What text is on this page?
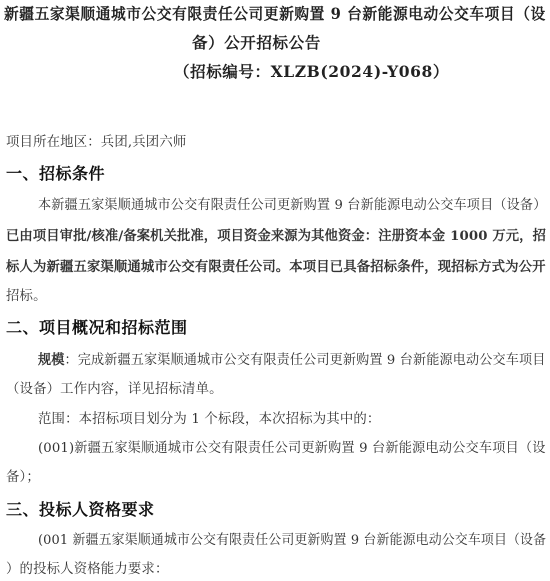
新疆五家渠顺通城市公交有限责任公司更新购置 9 台新能源电动公交车项目（设
备）公开招标公告
（招标编号：XLZB(2024)-Y068）
项目所在地区：兵团,兵团六师
一、招标条件
本新疆五家渠顺通城市公交有限责任公司更新购置 9 台新能源电动公交车项目（设备）
已由项目审批/核准/备案机关批准，项目资金来源为其他资金：注册资本金 1000 万元，招
标人为新疆五家渠顺通城市公交有限责任公司。本项目已具备招标条件，现招标方式为公开
招标。
二、项目概况和招标范围
规模：完成新疆五家渠顺通城市公交有限责任公司更新购置 9 台新能源电动公交车项目
（设备）工作内容，详见招标清单。
范围：本招标项目划分为 1 个标段，本次招标为其中的：
(001)新疆五家渠顺通城市公交有限责任公司更新购置 9 台新能源电动公交车项目（设
备）；
三、投标人资格要求
(001 新疆五家渠顺通城市公交有限责任公司更新购置 9 台新能源电动公交车项目（设备
）的投标人资格能力要求：
